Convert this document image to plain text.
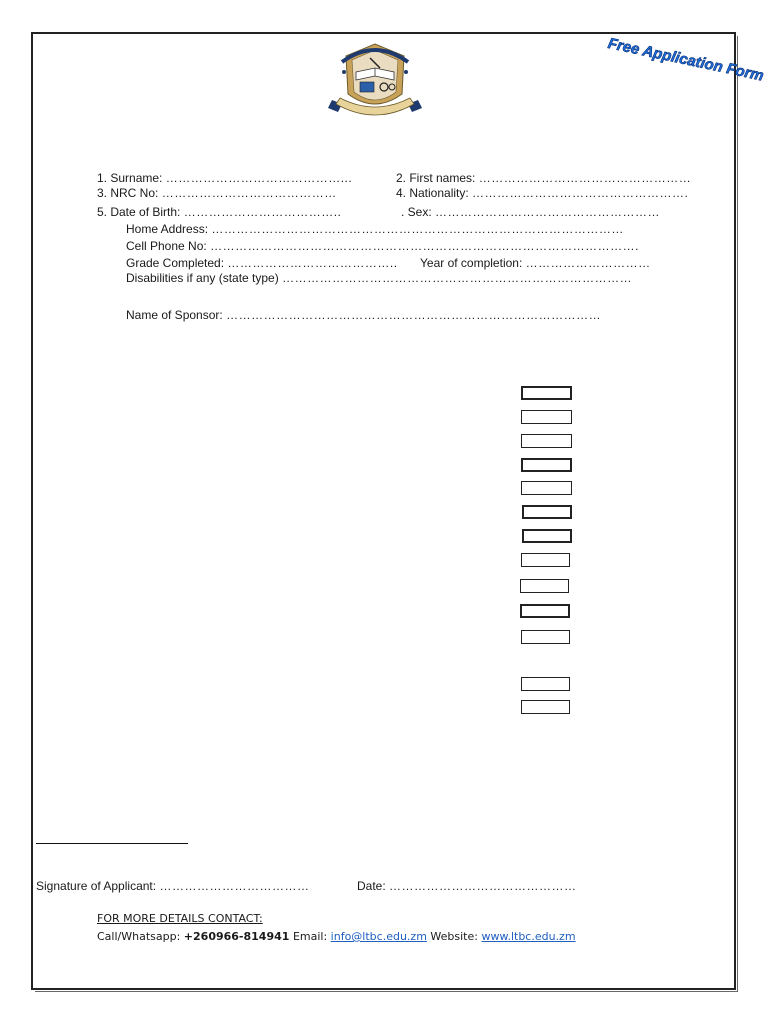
Free Application Form
1. Surname: ……………………………………...	2. First names: ……………………………………………
3. NRC No: ……………………………………	4. Nationality: …………………………………………….
5. Date of Birth: ………………………………..	. Sex: ………………………………………………
Home Address: ………………………………………………………………………………………
Cell Phone No: ………………………………………………………………………………………….
Grade Completed: ………………………………….. Year of completion: …………………………
Disabilities if any (state type) …………………………………………………………………………
Name of Sponsor: ………………………………………………………………………………
Signature of Applicant: ………………………………	Date: ………………………………………
FOR MORE DETAILS CONTACT:
Call/Whatsapp: +260966-814941 Email: info@ltbc.edu.zm Website: www.ltbc.edu.zm
